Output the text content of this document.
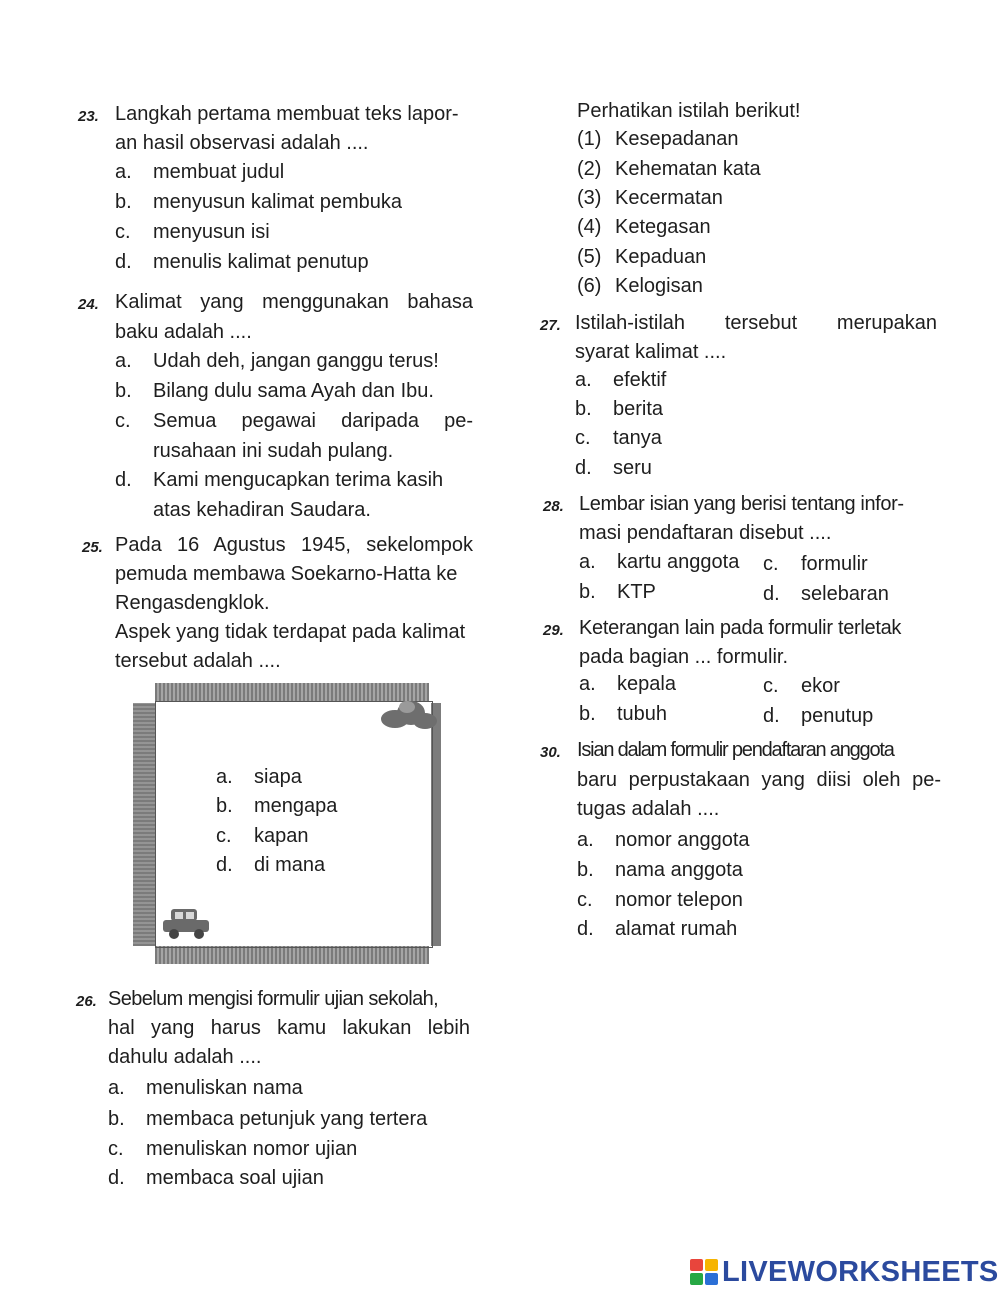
23. Langkah pertama membuat teks lapor-
an hasil observasi adalah ....
a. membuat judul
b. menyusun kalimat pembuka
c. menyusun isi
d. menulis kalimat penutup
24. Kalimat yang menggunakan bahasa
baku adalah ....
a. Udah deh, jangan ganggu terus!
b. Bilang dulu sama Ayah dan Ibu.
c. Semua pegawai daripada pe-
rusahaan ini sudah pulang.
d. Kami mengucapkan terima kasih
atas kehadiran Saudara.
25. Pada 16 Agustus 1945, sekelompok
pemuda membawa Soekarno-Hatta ke
Rengasdengklok.
Aspek yang tidak terdapat pada kalimat
tersebut adalah ....
a. siapa
b. mengapa
c. kapan
d. di mana
26. Sebelum mengisi formulir ujian sekolah,
hal yang harus kamu lakukan lebih
dahulu adalah ....
a. menuliskan nama
b. membaca petunjuk yang tertera
c. menuliskan nomor ujian
d. membaca soal ujian
Perhatikan istilah berikut!
(1) Kesepadanan
(2) Kehematan kata
(3) Kecermatan
(4) Ketegasan
(5) Kepaduan
(6) Kelogisan
27. Istilah-istilah tersebut merupakan
syarat kalimat ....
a. efektif
b. berita
c. tanya
d. seru
28. Lembar isian yang berisi tentang infor-
masi pendaftaran disebut ....
a. kartu anggota c. formulir
b. KTP	d. selebaran
29. Keterangan lain pada formulir terletak
pada bagian ... formulir.
a. kepala	c. ekor
b. tubuh	d. penutup
30. Isian dalam formulir pendaftaran anggota
baru perpustakaan yang diisi oleh pe-
tugas adalah ....
a. nomor anggota
b. nama anggota
c. nomor telepon
d. alamat rumah
LIVEWORKSHEETS
